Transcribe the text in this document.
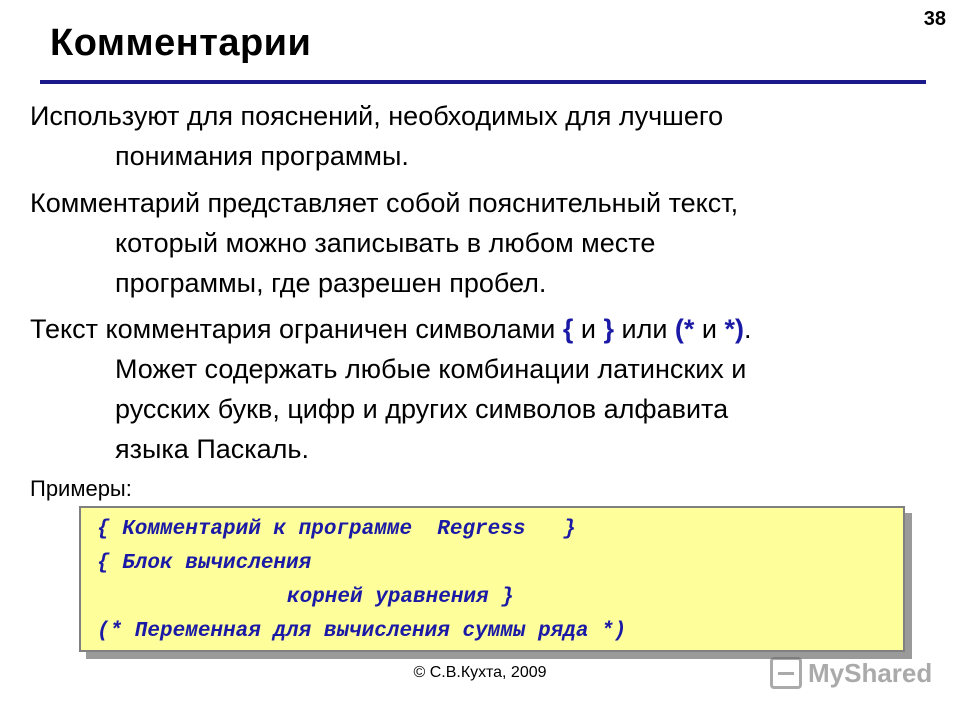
38
Комментарии
Используют для пояснений, необходимых для лучшего
понимания программы.
Комментарий представляет собой пояснительный текст,
который можно записывать в любом месте
программы, где разрешен пробел.
Текст комментария ограничен символами { и } или (* и *).
Может содержать любые комбинации латинских и
русских букв, цифр и других символов алфавита
языка Паскаль.
Примеры:
{ Комментарий к программе  Regress   }
{ Блок вычисления
корней уравнения }
(* Переменная для вычисления суммы ряда *)
© С.В.Кухта, 2009	MyShared
